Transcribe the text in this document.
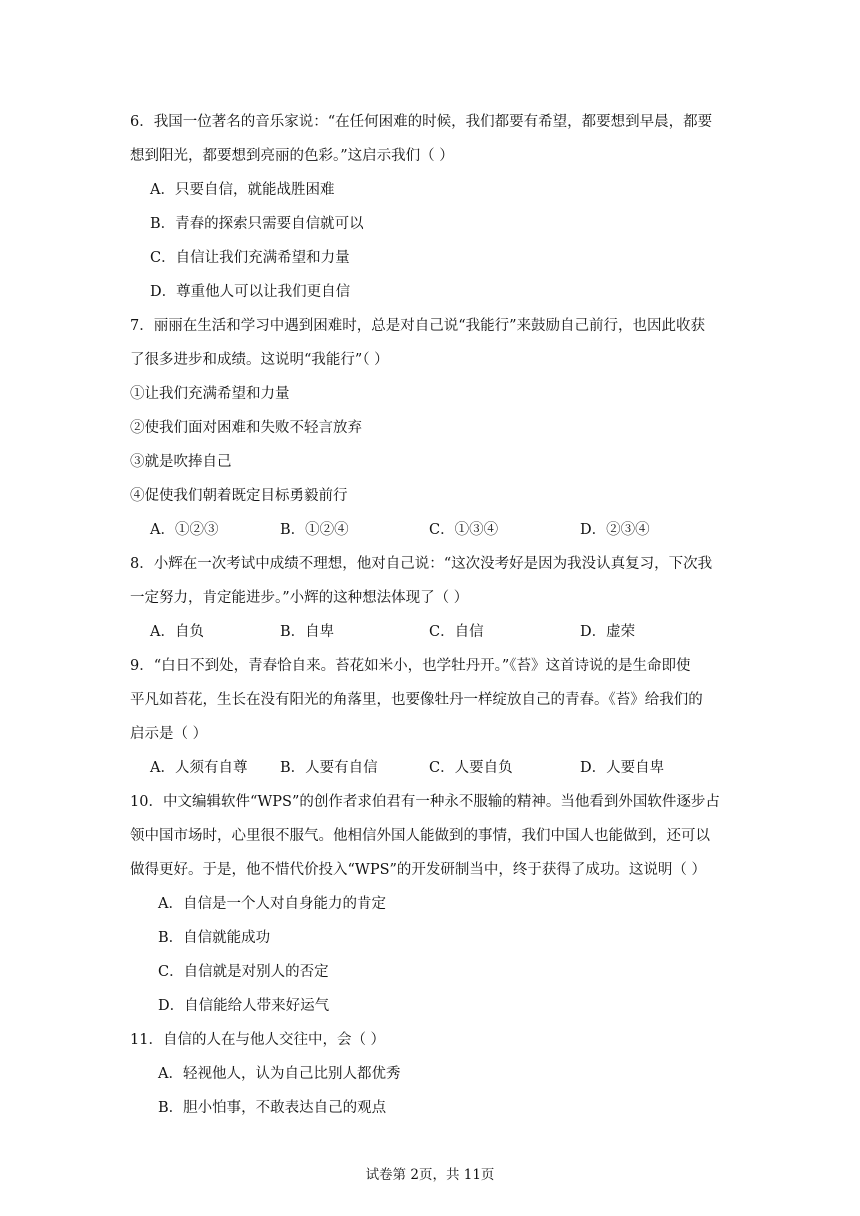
6．我国一位著名的音乐家说：“在任何困难的时候，我们都要有希望，都要想到早晨，都要
想到阳光，都要想到亮丽的色彩。”这启示我们（ ）
A．只要自信，就能战胜困难
B．青春的探索只需要自信就可以
C．自信让我们充满希望和力量
D．尊重他人可以让我们更自信
7．丽丽在生活和学习中遇到困难时，总是对自己说“我能行”来鼓励自己前行，也因此收获
了很多进步和成绩。这说明“我能行”（ ）
①让我们充满希望和力量
②使我们面对困难和失败不轻言放弃
③就是吹捧自己
④促使我们朝着既定目标勇毅前行
A．①②③	B．①②④	C．①③④	D．②③④
8．小辉在一次考试中成绩不理想，他对自己说：“这次没考好是因为我没认真复习，下次我
一定努力，肯定能进步。”小辉的这种想法体现了（ ）
A．自负	B．自卑	C．自信	D．虚荣
9．“白日不到处，青春恰自来。苔花如米小，也学牡丹开。”《苔》这首诗说的是生命即使
平凡如苔花，生长在没有阳光的角落里，也要像牡丹一样绽放自己的青春。《苔》给我们的
启示是（ ）
A．人须有自尊 B．人要有自信	C．人要自负	D．人要自卑
10．中文编辑软件“WPS”的创作者求伯君有一种永不服输的精神。当他看到外国软件逐步占
领中国市场时，心里很不服气。他相信外国人能做到的事情，我们中国人也能做到，还可以
做得更好。于是，他不惜代价投入“WPS”的开发研制当中，终于获得了成功。这说明（ ）
A．自信是一个人对自身能力的肯定
B．自信就能成功
C．自信就是对别人的否定
D．自信能给人带来好运气
11．自信的人在与他人交往中，会（ ）
A．轻视他人，认为自己比别人都优秀
B．胆小怕事，不敢表达自己的观点
试卷第 2页，共 11页
